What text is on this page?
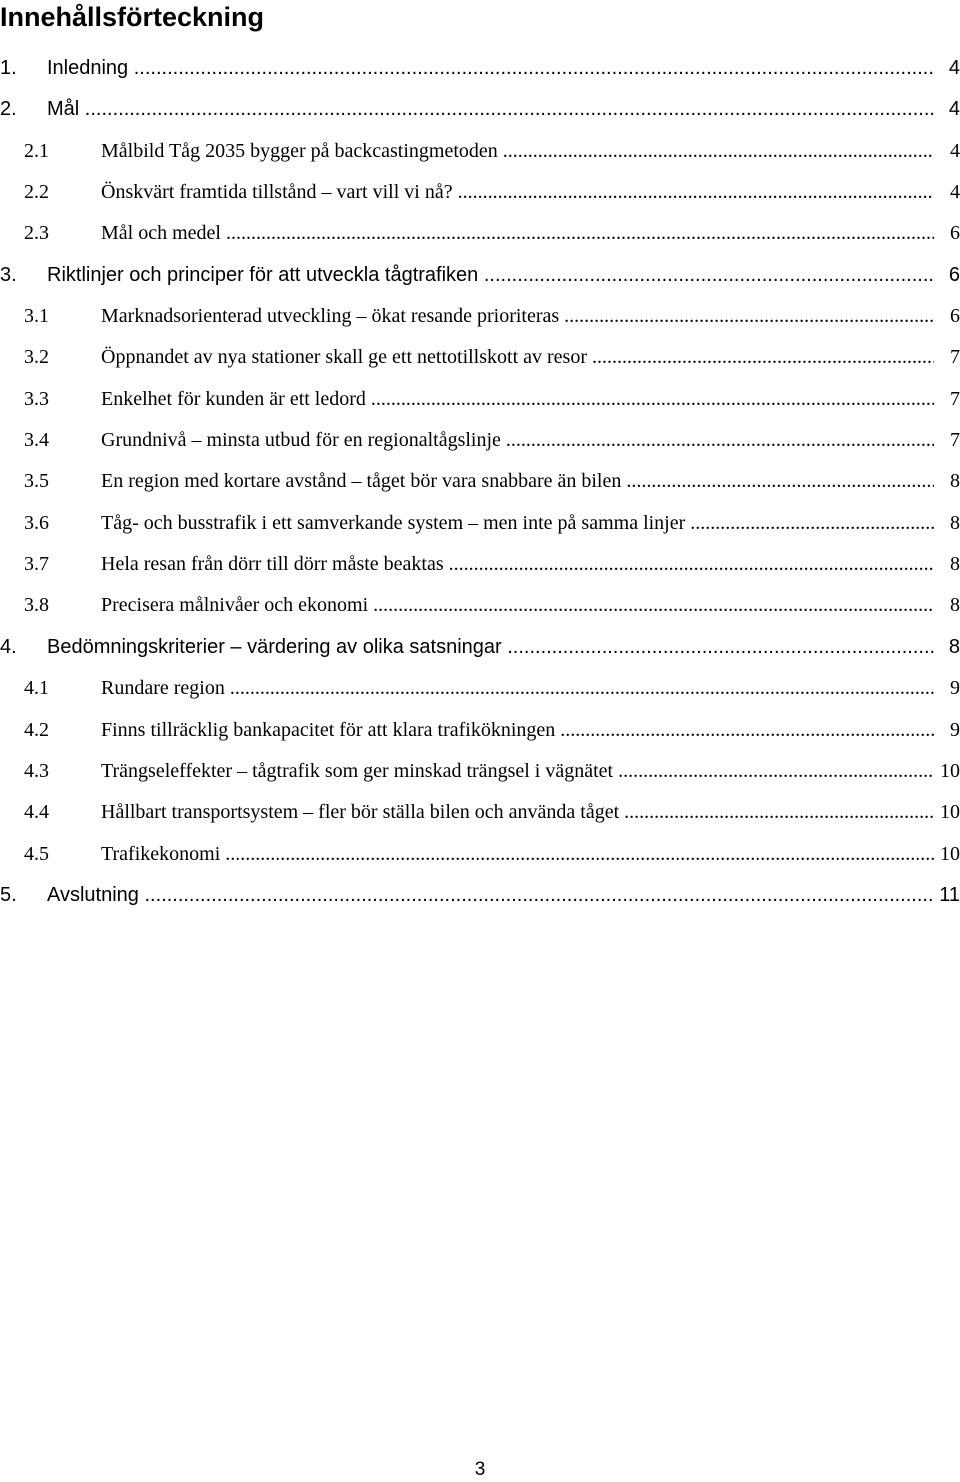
Innehållsförteckning
1. Inledning .....	4
2. Mål .....	4
2.1	Målbild Tåg 2035 bygger på backcastingmetoden .....	4
2.2	Önskvärt framtida tillstånd – vart vill vi nå? .....	4
2.3	Mål och medel .....	6
3. Riktlinjer och principer för att utveckla tågtrafiken .....	6
3.1	Marknadsorienterad utveckling – ökat resande prioriteras .....	6
3.2	Öppnandet av nya stationer skall ge ett nettotillskott av resor .....	7
3.3	Enkelhet för kunden är ett ledord .....	7
3.4	Grundnivå – minsta utbud för en regionaltågslinje .....	7
3.5	En region med kortare avstånd – tåget bör vara snabbare än bilen .....	8
3.6	Tåg- och busstrafik i ett samverkande system – men inte på samma linjer .....	8
3.7	Hela resan från dörr till dörr måste beaktas .....	8
3.8	Precisera målnivåer och ekonomi .....	8
4. Bedömningskriterier – värdering av olika satsningar .....	8
4.1	Rundare region .....	9
4.2	Finns tillräcklig bankapacitet för att klara trafikökningen .....	9
4.3	Trängseleffekter – tågtrafik som ger minskad trängsel i vägnätet .....	10
4.4	Hållbart transportsystem – fler bör ställa bilen och använda tåget .....	10
4.5	Trafikekonomi .....	10
5. Avslutning .....	11
3
